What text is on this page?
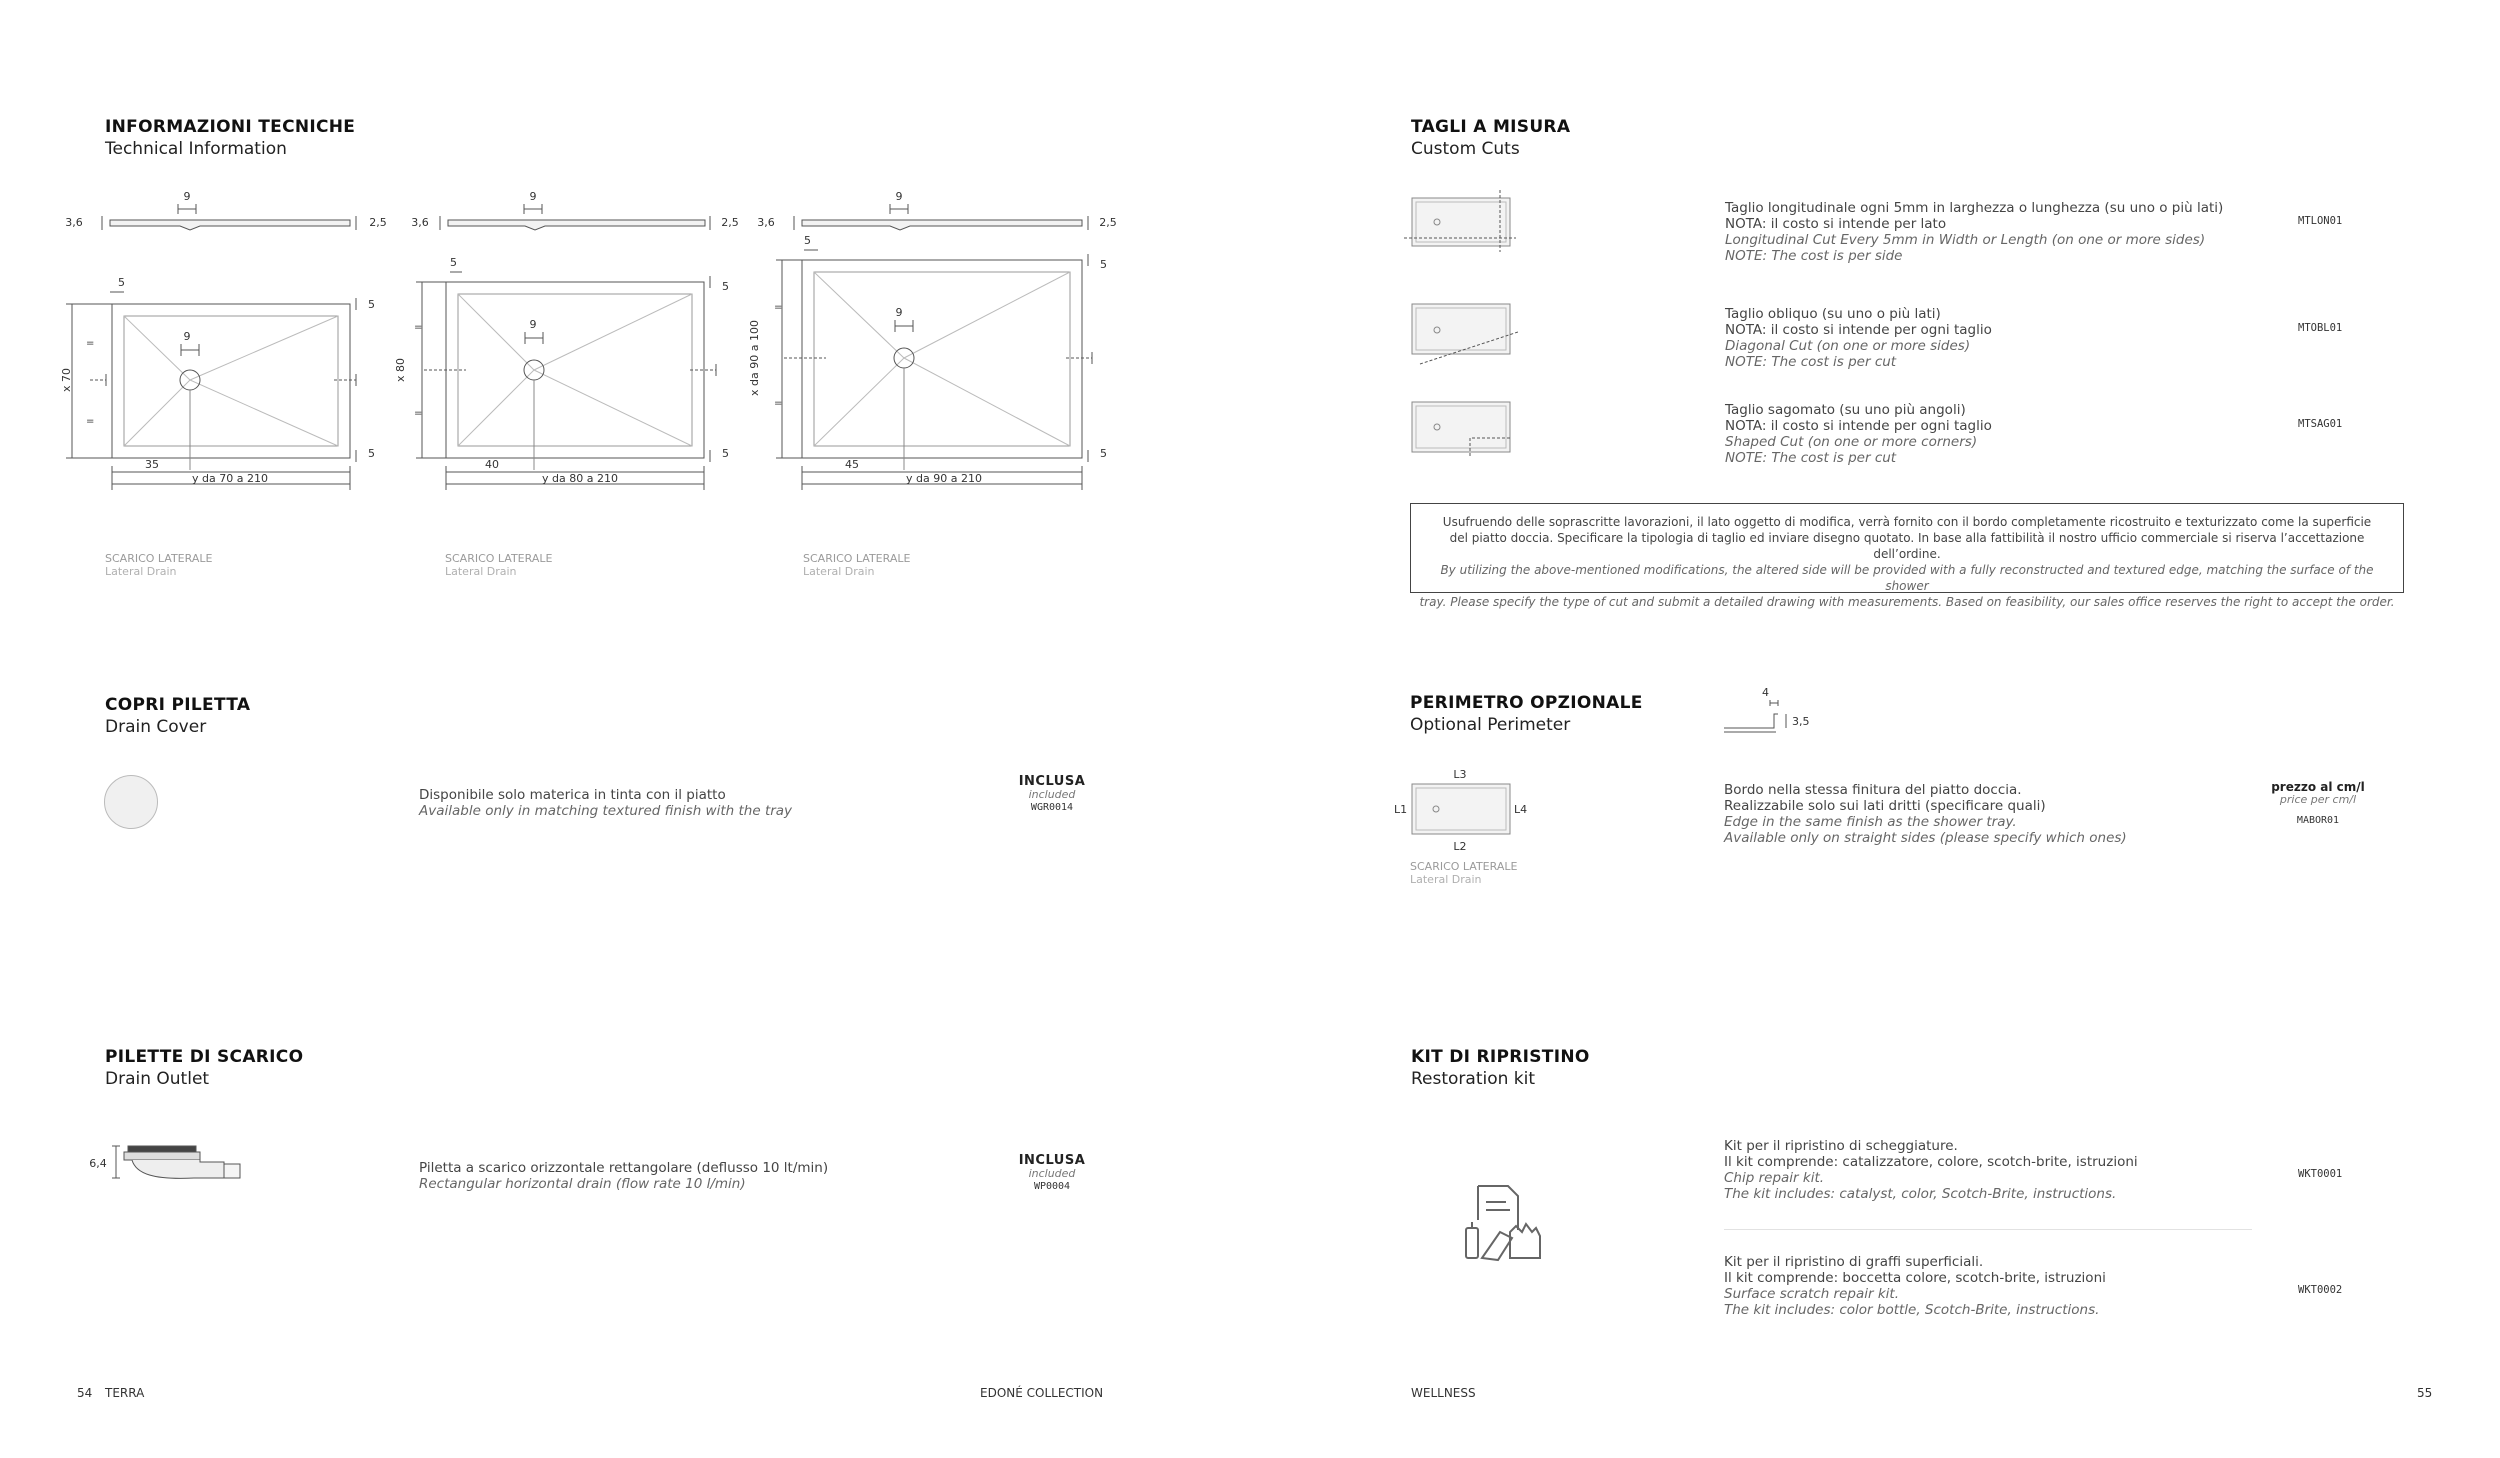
INFORMAZIONI TECNICHE
Technical Information
9
3,6	2,5
9
5
5
5
=
=
x 70
35
y da 70 a 210
9
3,6	2,5
9
5
5
5
=
=
x 80
40
y da 80 a 210
9
3,6	2,5
9
5
5
5
=
=
x da 90 a 100
45
y da 90 a 210
SCARICO LATERALE
Lateral Drain
SCARICO LATERALE
Lateral Drain
SCARICO LATERALE
Lateral Drain
COPRI PILETTA
Drain Cover
Disponibile solo materica in tinta con il piatto
Available only in matching textured finish with the tray
INCLUSA
included
WGR0014
PILETTE DI SCARICO
Drain Outlet
6,4	Piletta a scarico orizzontale rettangolare (deflusso 10 lt/min)
Rectangular horizontal drain (flow rate 10 l/min)
INCLUSA
included
WP0004
54 TERRA	EDONÉ COLLECTION
TAGLI A MISURA
Custom Cuts
Taglio longitudinale ogni 5mm in larghezza o lunghezza (su uno o più lati)
NOTA: il costo si intende per lato
Longitudinal Cut Every 5mm in Width or Length (on one or more sides)
NOTE: The cost is per side
MTLON01
Taglio obliquo (su uno o più lati)
NOTA: il costo si intende per ogni taglio
Diagonal Cut (on one or more sides)
NOTE: The cost is per cut
MTOBL01
Taglio sagomato (su uno più angoli)
NOTA: il costo si intende per ogni taglio
Shaped Cut (on one or more corners)
NOTE: The cost is per cut
MTSAG01
Usufruendo delle soprascritte lavorazioni, il lato oggetto di modifica, verrà fornito con il bordo completamente ricostruito e texturizzato come la superficie
del piatto doccia. Specificare la tipologia di taglio ed inviare disegno quotato. In base alla fattibilità il nostro ufficio commerciale si riserva l’accettazione dell’ordine.
By utilizing the above-mentioned modifications, the altered side will be provided with a fully reconstructed and textured edge, matching the surface of the shower
tray. Please specify the type of cut and submit a detailed drawing with measurements. Based on feasibility, our sales office reserves the right to accept the order.
PERIMETRO OPZIONALE
Optional Perimeter
4
3,5
L3
L2
L1	L4
SCARICO LATERALE
Lateral Drain
Bordo nella stessa finitura del piatto doccia.
Realizzabile solo sui lati dritti (specificare quali)
Edge in the same finish as the shower tray.
Available only on straight sides (please specify which ones)
prezzo al cm/l
price per cm/l
MABOR01
KIT DI RIPRISTINO
Restoration kit
Kit per il ripristino di scheggiature.
Il kit comprende: catalizzatore, colore, scotch-brite, istruzioni
Chip repair kit.
The kit includes: catalyst, color, Scotch-Brite, instructions.
WKT0001
Kit per il ripristino di graffi superficiali.
Il kit comprende: boccetta colore, scotch-brite, istruzioni
Surface scratch repair kit.
The kit includes: color bottle, Scotch-Brite, instructions.
WKT0002
WELLNESS	55
